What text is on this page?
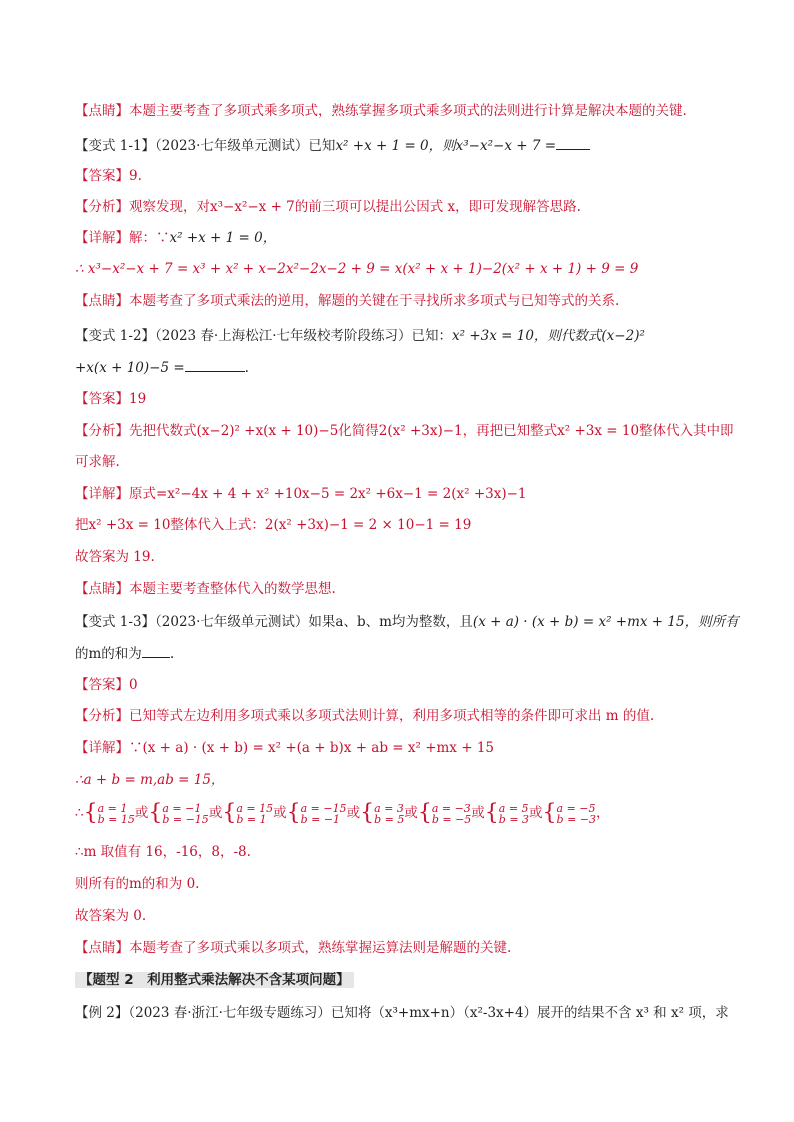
【点睛】本题主要考查了多项式乘多项式，熟练掌握多项式乘多项式的法则进行计算是解决本题的关键.
【变式 1-1】（2023·七年级单元测试）已知x² +x + 1 = 0，则x³−x²−x + 7 =
【答案】9.
【分析】观察发现，对x³−x²−x + 7的前三项可以提出公因式 x，即可发现解答思路.
【详解】解：∵x² +x + 1 = 0，
∴ x³−x²−x + 7 = x³ + x² + x−2x²−2x−2 + 9 = x(x² + x + 1)−2(x² + x + 1) + 9 = 9
【点睛】本题考查了多项式乘法的逆用，解题的关键在于寻找所求多项式与已知等式的关系.
【变式 1-2】（2023 春·上海松江·七年级校考阶段练习）已知：x² +3x = 10，则代数式(x−2)²
+x(x + 10)−5 =	.
【答案】19
【分析】先把代数式(x−2)² +x(x + 10)−5化简得2(x² +3x)−1，再把已知整式x² +3x = 10整体代入其中即
可求解.
【详解】原式=x²−4x + 4 + x² +10x−5 = 2x² +6x−1 = 2(x² +3x)−1
把x² +3x = 10整体代入上式：2(x² +3x)−1 = 2 × 10−1 = 19
故答案为 19.
【点睛】本题主要考查整体代入的数学思想.
【变式 1-3】（2023·七年级单元测试）如果a、b、m均为整数，且(x + a) · (x + b) = x² +mx + 15，则所有
的m的和为 .
【答案】0
【分析】已知等式左边利用多项式乘以多项式法则计算，利用多项式相等的条件即可求出 m 的值.
【详解】∵(x + a) · (x + b) = x² +(a + b)x + ab = x² +mx + 15
∴a + b = m,ab = 15，
∴{ a = 1
b = 15 或{ a = −1
b = −15 或{ a = 15
b = 1 或{ a = −15
b = −1 或{ a = 3
b = 5 或{ a = −3
b = −5 或{ a = 5
b = 3 或{ a = −5
b = −3 ，
∴m 取值有 16，-16，8，-8.
则所有的m的和为 0.
故答案为 0.
【点睛】本题考查了多项式乘以多项式，熟练掌握运算法则是解题的关键.
【题型 2　利用整式乘法解决不含某项问题】
【例 2】（2023 春·浙江·七年级专题练习）已知将（x³+mx+n）（x²-3x+4）展开的结果不含 x³ 和 x² 项，求
